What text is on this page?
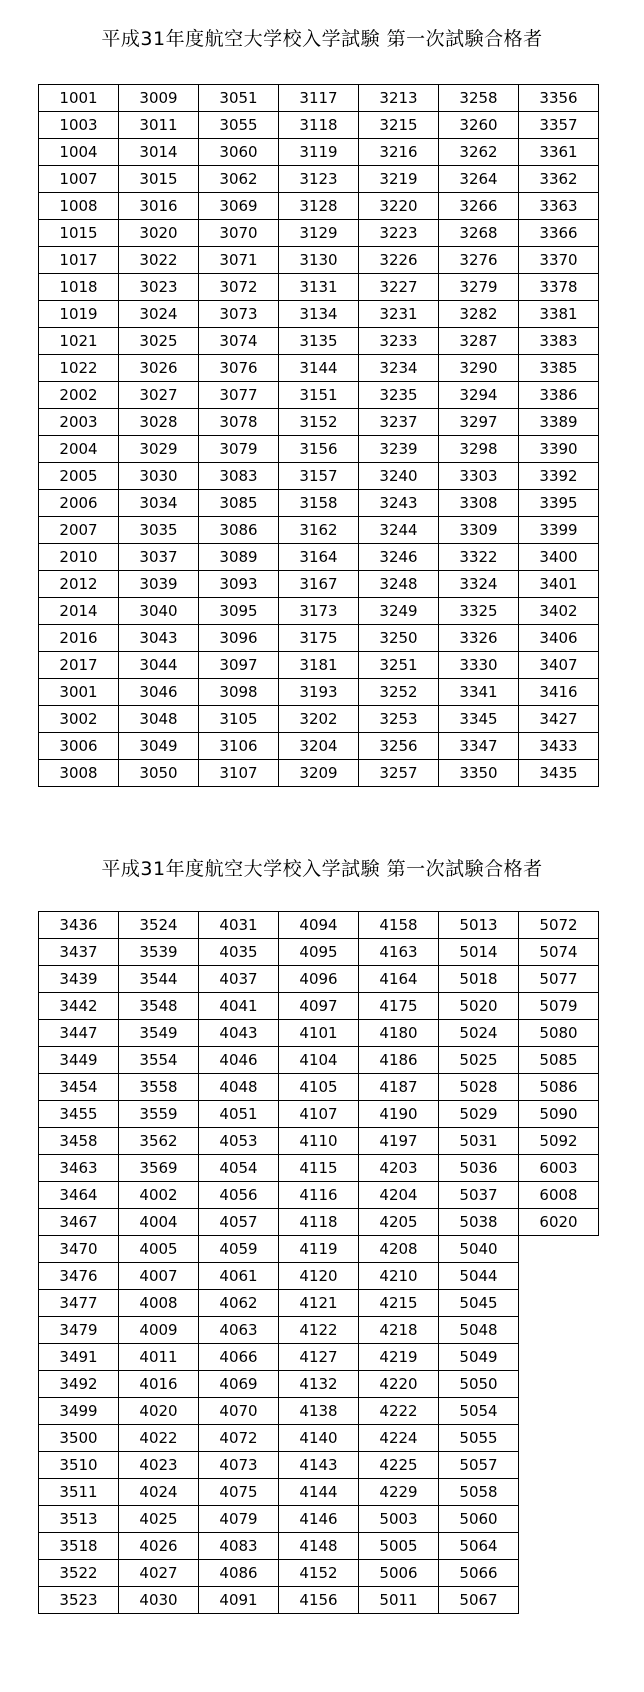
平成31年度航空大学校入学試験 第一次試験合格者
1001	3009	3051	3117	3213	3258	3356
1003	3011	3055	3118	3215	3260	3357
1004	3014	3060	3119	3216	3262	3361
1007	3015	3062	3123	3219	3264	3362
1008	3016	3069	3128	3220	3266	3363
1015	3020	3070	3129	3223	3268	3366
1017	3022	3071	3130	3226	3276	3370
1018	3023	3072	3131	3227	3279	3378
1019	3024	3073	3134	3231	3282	3381
1021	3025	3074	3135	3233	3287	3383
1022	3026	3076	3144	3234	3290	3385
2002	3027	3077	3151	3235	3294	3386
2003	3028	3078	3152	3237	3297	3389
2004	3029	3079	3156	3239	3298	3390
2005	3030	3083	3157	3240	3303	3392
2006	3034	3085	3158	3243	3308	3395
2007	3035	3086	3162	3244	3309	3399
2010	3037	3089	3164	3246	3322	3400
2012	3039	3093	3167	3248	3324	3401
2014	3040	3095	3173	3249	3325	3402
2016	3043	3096	3175	3250	3326	3406
2017	3044	3097	3181	3251	3330	3407
3001	3046	3098	3193	3252	3341	3416
3002	3048	3105	3202	3253	3345	3427
3006	3049	3106	3204	3256	3347	3433
3008	3050	3107	3209	3257	3350	3435
平成31年度航空大学校入学試験 第一次試験合格者
3436	3524	4031	4094	4158	5013	5072
3437	3539	4035	4095	4163	5014	5074
3439	3544	4037	4096	4164	5018	5077
3442	3548	4041	4097	4175	5020	5079
3447	3549	4043	4101	4180	5024	5080
3449	3554	4046	4104	4186	5025	5085
3454	3558	4048	4105	4187	5028	5086
3455	3559	4051	4107	4190	5029	5090
3458	3562	4053	4110	4197	5031	5092
3463	3569	4054	4115	4203	5036	6003
3464	4002	4056	4116	4204	5037	6008
3467	4004	4057	4118	4205	5038	6020
3470	4005	4059	4119	4208	5040	
3476	4007	4061	4120	4210	5044	
3477	4008	4062	4121	4215	5045	
3479	4009	4063	4122	4218	5048	
3491	4011	4066	4127	4219	5049	
3492	4016	4069	4132	4220	5050	
3499	4020	4070	4138	4222	5054	
3500	4022	4072	4140	4224	5055	
3510	4023	4073	4143	4225	5057	
3511	4024	4075	4144	4229	5058	
3513	4025	4079	4146	5003	5060	
3518	4026	4083	4148	5005	5064	
3522	4027	4086	4152	5006	5066	
3523	4030	4091	4156	5011	5067	
